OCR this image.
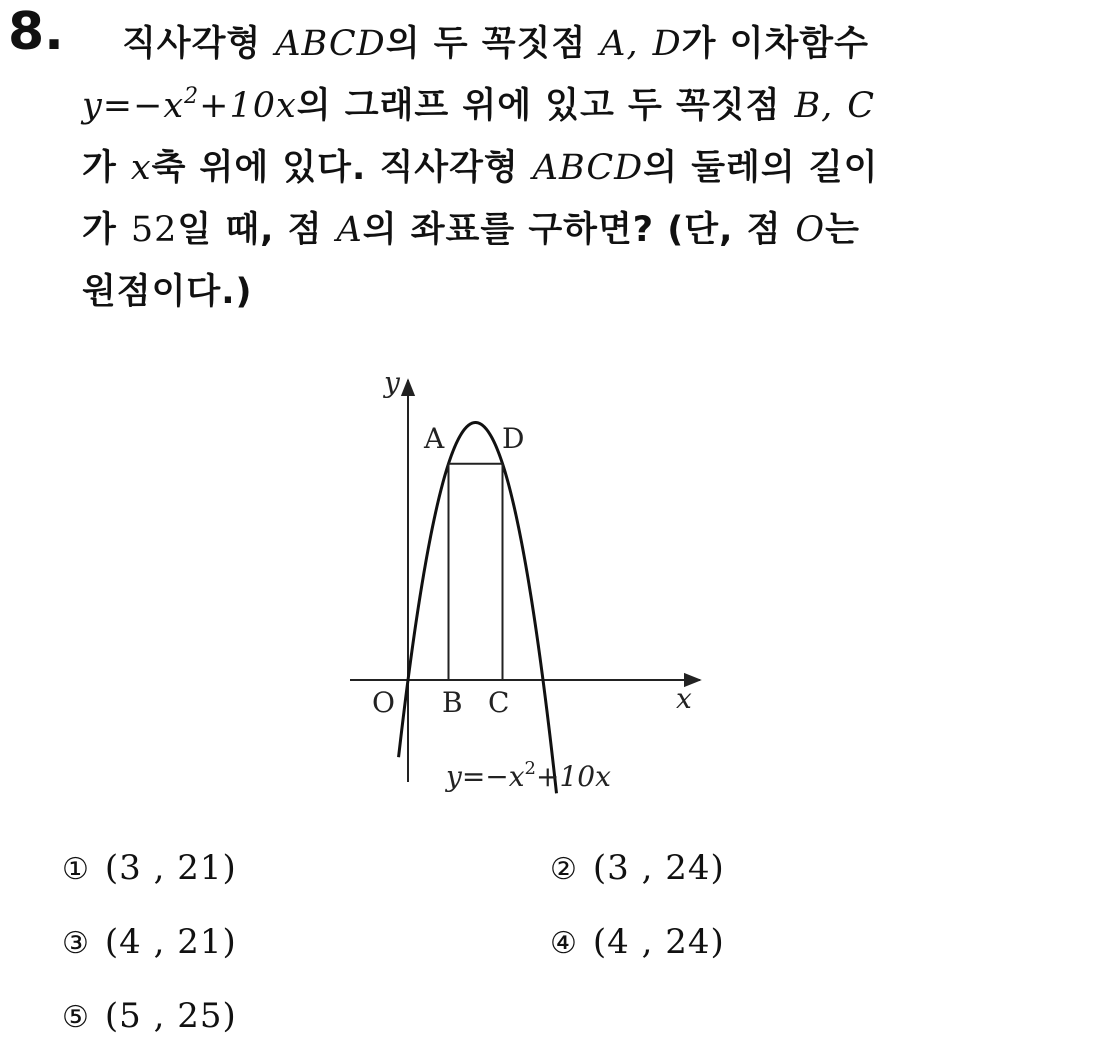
8.	직사각형 ABCD의 두 꼭짓점 A, D가 이차함수
$y=-x^2+10x$의 그래프 위에 있고 두 꼭짓점 B, C
가 x축 위에 있다. 직사각형 ABCD의 둘레의 길이
가 52일 때, 점 A의 좌표를 구하면? (단, 점 O는
원점이다.)
y
x
A D
O B C
y=−x2+10x
① (3 , 21)	② (3 , 24)
③ (4 , 21)	④ (4 , 24)
⑤ (5 , 25)
